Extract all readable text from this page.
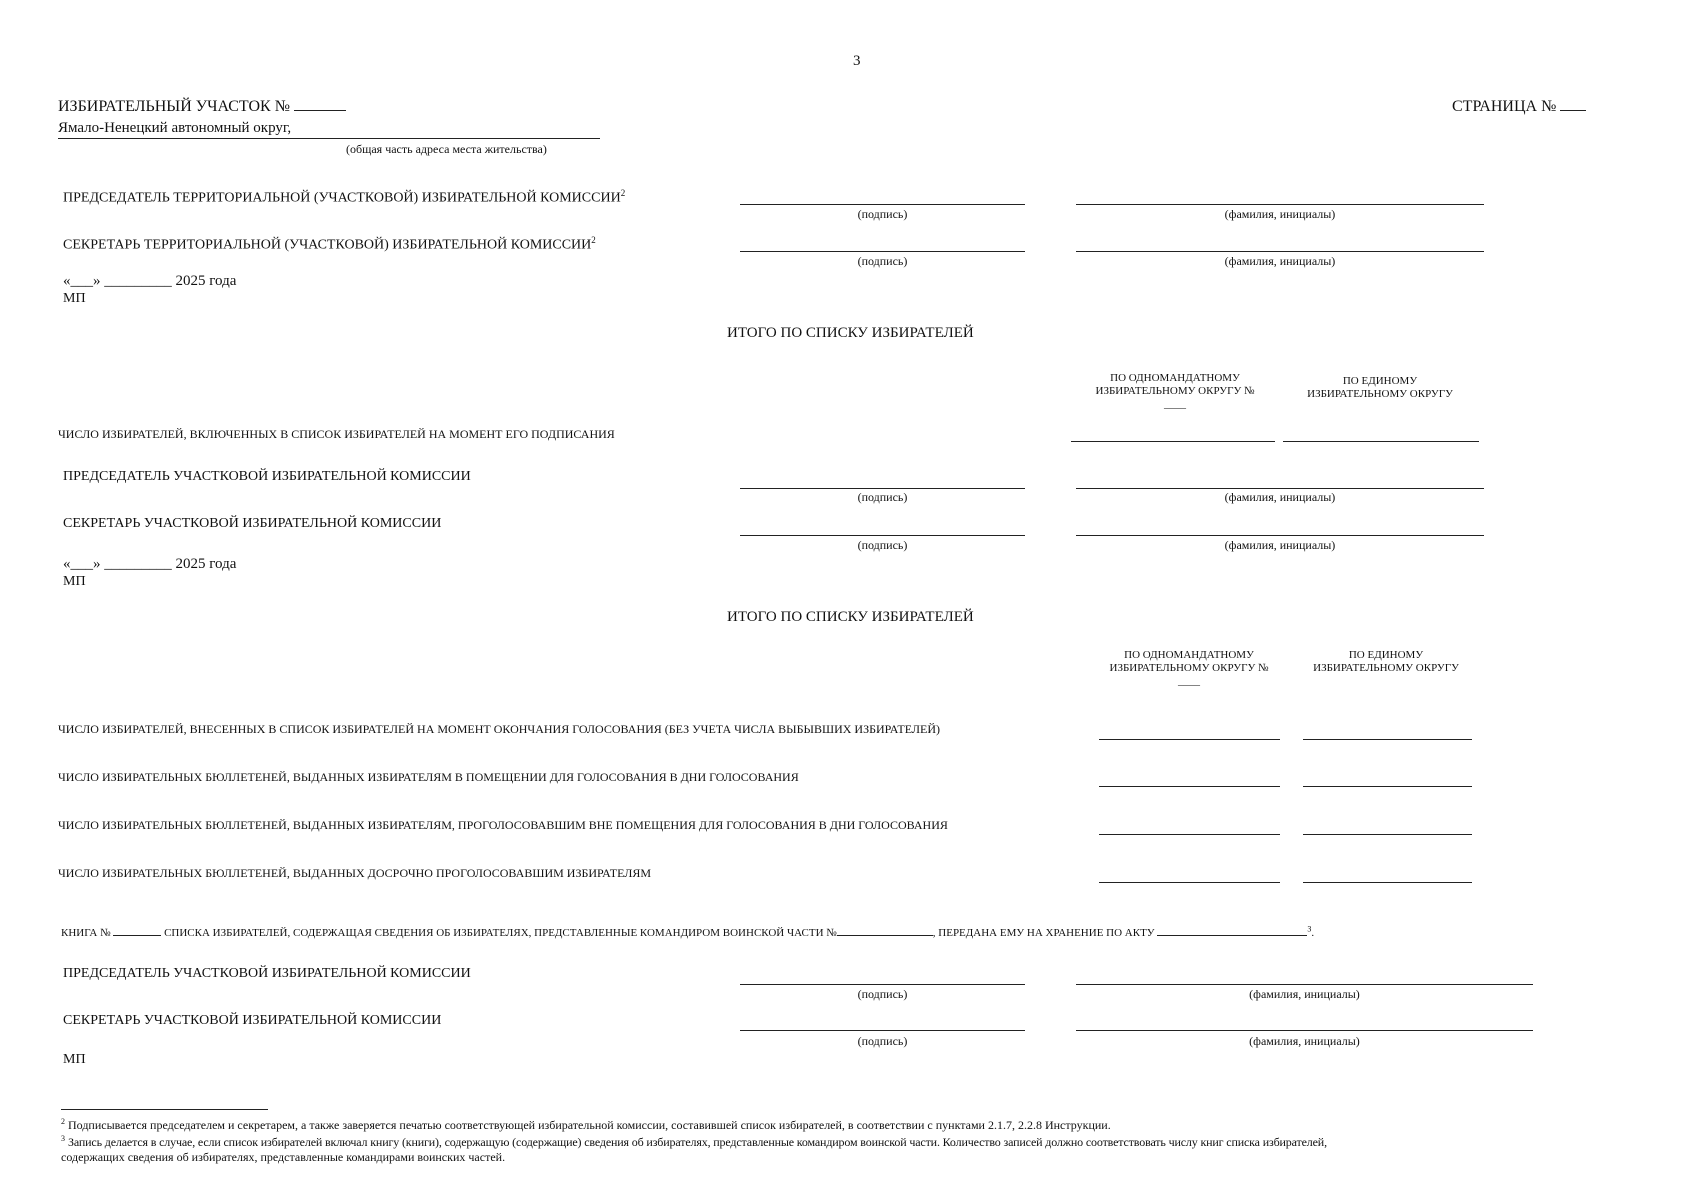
3
ИЗБИРАТЕЛЬНЫЙ УЧАСТОК №	СТРАНИЦА №
Ямало-Ненецкий автономный округ,
(общая часть адреса места жительства)
ПРЕДСЕДАТЕЛЬ ТЕРРИТОРИАЛЬНОЙ (УЧАСТКОВОЙ) ИЗБИРАТЕЛЬНОЙ КОМИССИИ$^2$
(подпись)	(фамилия, инициалы)
СЕКРЕТАРЬ ТЕРРИТОРИАЛЬНОЙ (УЧАСТКОВОЙ) ИЗБИРАТЕЛЬНОЙ КОМИССИИ$^2$
(подпись)	(фамилия, инициалы)
«___» _________ 2025 года
МП
ИТОГО ПО СПИСКУ ИЗБИРАТЕЛЕЙ
ПО ОДНОМАНДАТНОМУ ИЗБИРАТЕЛЬНОМУ ОКРУГУ № ____
ПО ЕДИНОМУ ИЗБИРАТЕЛЬНОМУ ОКРУГУ
ЧИСЛО ИЗБИРАТЕЛЕЙ, ВКЛЮЧЕННЫХ В СПИСОК ИЗБИРАТЕЛЕЙ НА МОМЕНТ ЕГО ПОДПИСАНИЯ
ПРЕДСЕДАТЕЛЬ УЧАСТКОВОЙ ИЗБИРАТЕЛЬНОЙ КОМИССИИ
(подпись)	(фамилия, инициалы)
СЕКРЕТАРЬ УЧАСТКОВОЙ ИЗБИРАТЕЛЬНОЙ КОМИССИИ
(подпись)	(фамилия, инициалы)
«___» _________ 2025 года
МП
ИТОГО ПО СПИСКУ ИЗБИРАТЕЛЕЙ
ПО ОДНОМАНДАТНОМУ ИЗБИРАТЕЛЬНОМУ ОКРУГУ № ____
ПО ЕДИНОМУ ИЗБИРАТЕЛЬНОМУ ОКРУГУ
ЧИСЛО ИЗБИРАТЕЛЕЙ, ВНЕСЕННЫХ В СПИСОК ИЗБИРАТЕЛЕЙ НА МОМЕНТ ОКОНЧАНИЯ ГОЛОСОВАНИЯ (БЕЗ УЧЕТА ЧИСЛА ВЫБЫВШИХ ИЗБИРАТЕЛЕЙ)
ЧИСЛО ИЗБИРАТЕЛЬНЫХ БЮЛЛЕТЕНЕЙ, ВЫДАННЫХ ИЗБИРАТЕЛЯМ В ПОМЕЩЕНИИ ДЛЯ ГОЛОСОВАНИЯ В ДНИ ГОЛОСОВАНИЯ
ЧИСЛО ИЗБИРАТЕЛЬНЫХ БЮЛЛЕТЕНЕЙ, ВЫДАННЫХ ИЗБИРАТЕЛЯМ, ПРОГОЛОСОВАВШИМ ВНЕ ПОМЕЩЕНИЯ ДЛЯ ГОЛОСОВАНИЯ В ДНИ ГОЛОСОВАНИЯ
ЧИСЛО ИЗБИРАТЕЛЬНЫХ БЮЛЛЕТЕНЕЙ, ВЫДАННЫХ ДОСРОЧНО ПРОГОЛОСОВАВШИМ ИЗБИРАТЕЛЯМ
КНИГА №	СПИСКА ИЗБИРАТЕЛЕЙ, СОДЕРЖАЩАЯ СВЕДЕНИЯ ОБ ИЗБИРАТЕЛЯХ, ПРЕДСТАВЛЕННЫЕ КОМАНДИРОМ ВОИНСКОЙ ЧАСТИ №	, ПЕРЕДАНА ЕМУ НА ХРАНЕНИЕ ПО АКТУ	$^3$.
ПРЕДСЕДАТЕЛЬ УЧАСТКОВОЙ ИЗБИРАТЕЛЬНОЙ КОМИССИИ
(подпись)	(фамилия, инициалы)
СЕКРЕТАРЬ УЧАСТКОВОЙ ИЗБИРАТЕЛЬНОЙ КОМИССИИ
(подпись)	(фамилия, инициалы)
МП
$^2$ Подписывается председателем и секретарем, а также заверяется печатью соответствующей избирательной комиссии, составившей список избирателей, в соответствии с пунктами 2.1.7, 2.2.8 Инструкции.
$^3$ Запись делается в случае, если список избирателей включал книгу (книги), содержащую (содержащие) сведения об избирателях, представленные командиром воинской части. Количество записей должно соответствовать числу книг списка избирателей,
содержащих сведения об избирателях, представленные командирами воинских частей.
